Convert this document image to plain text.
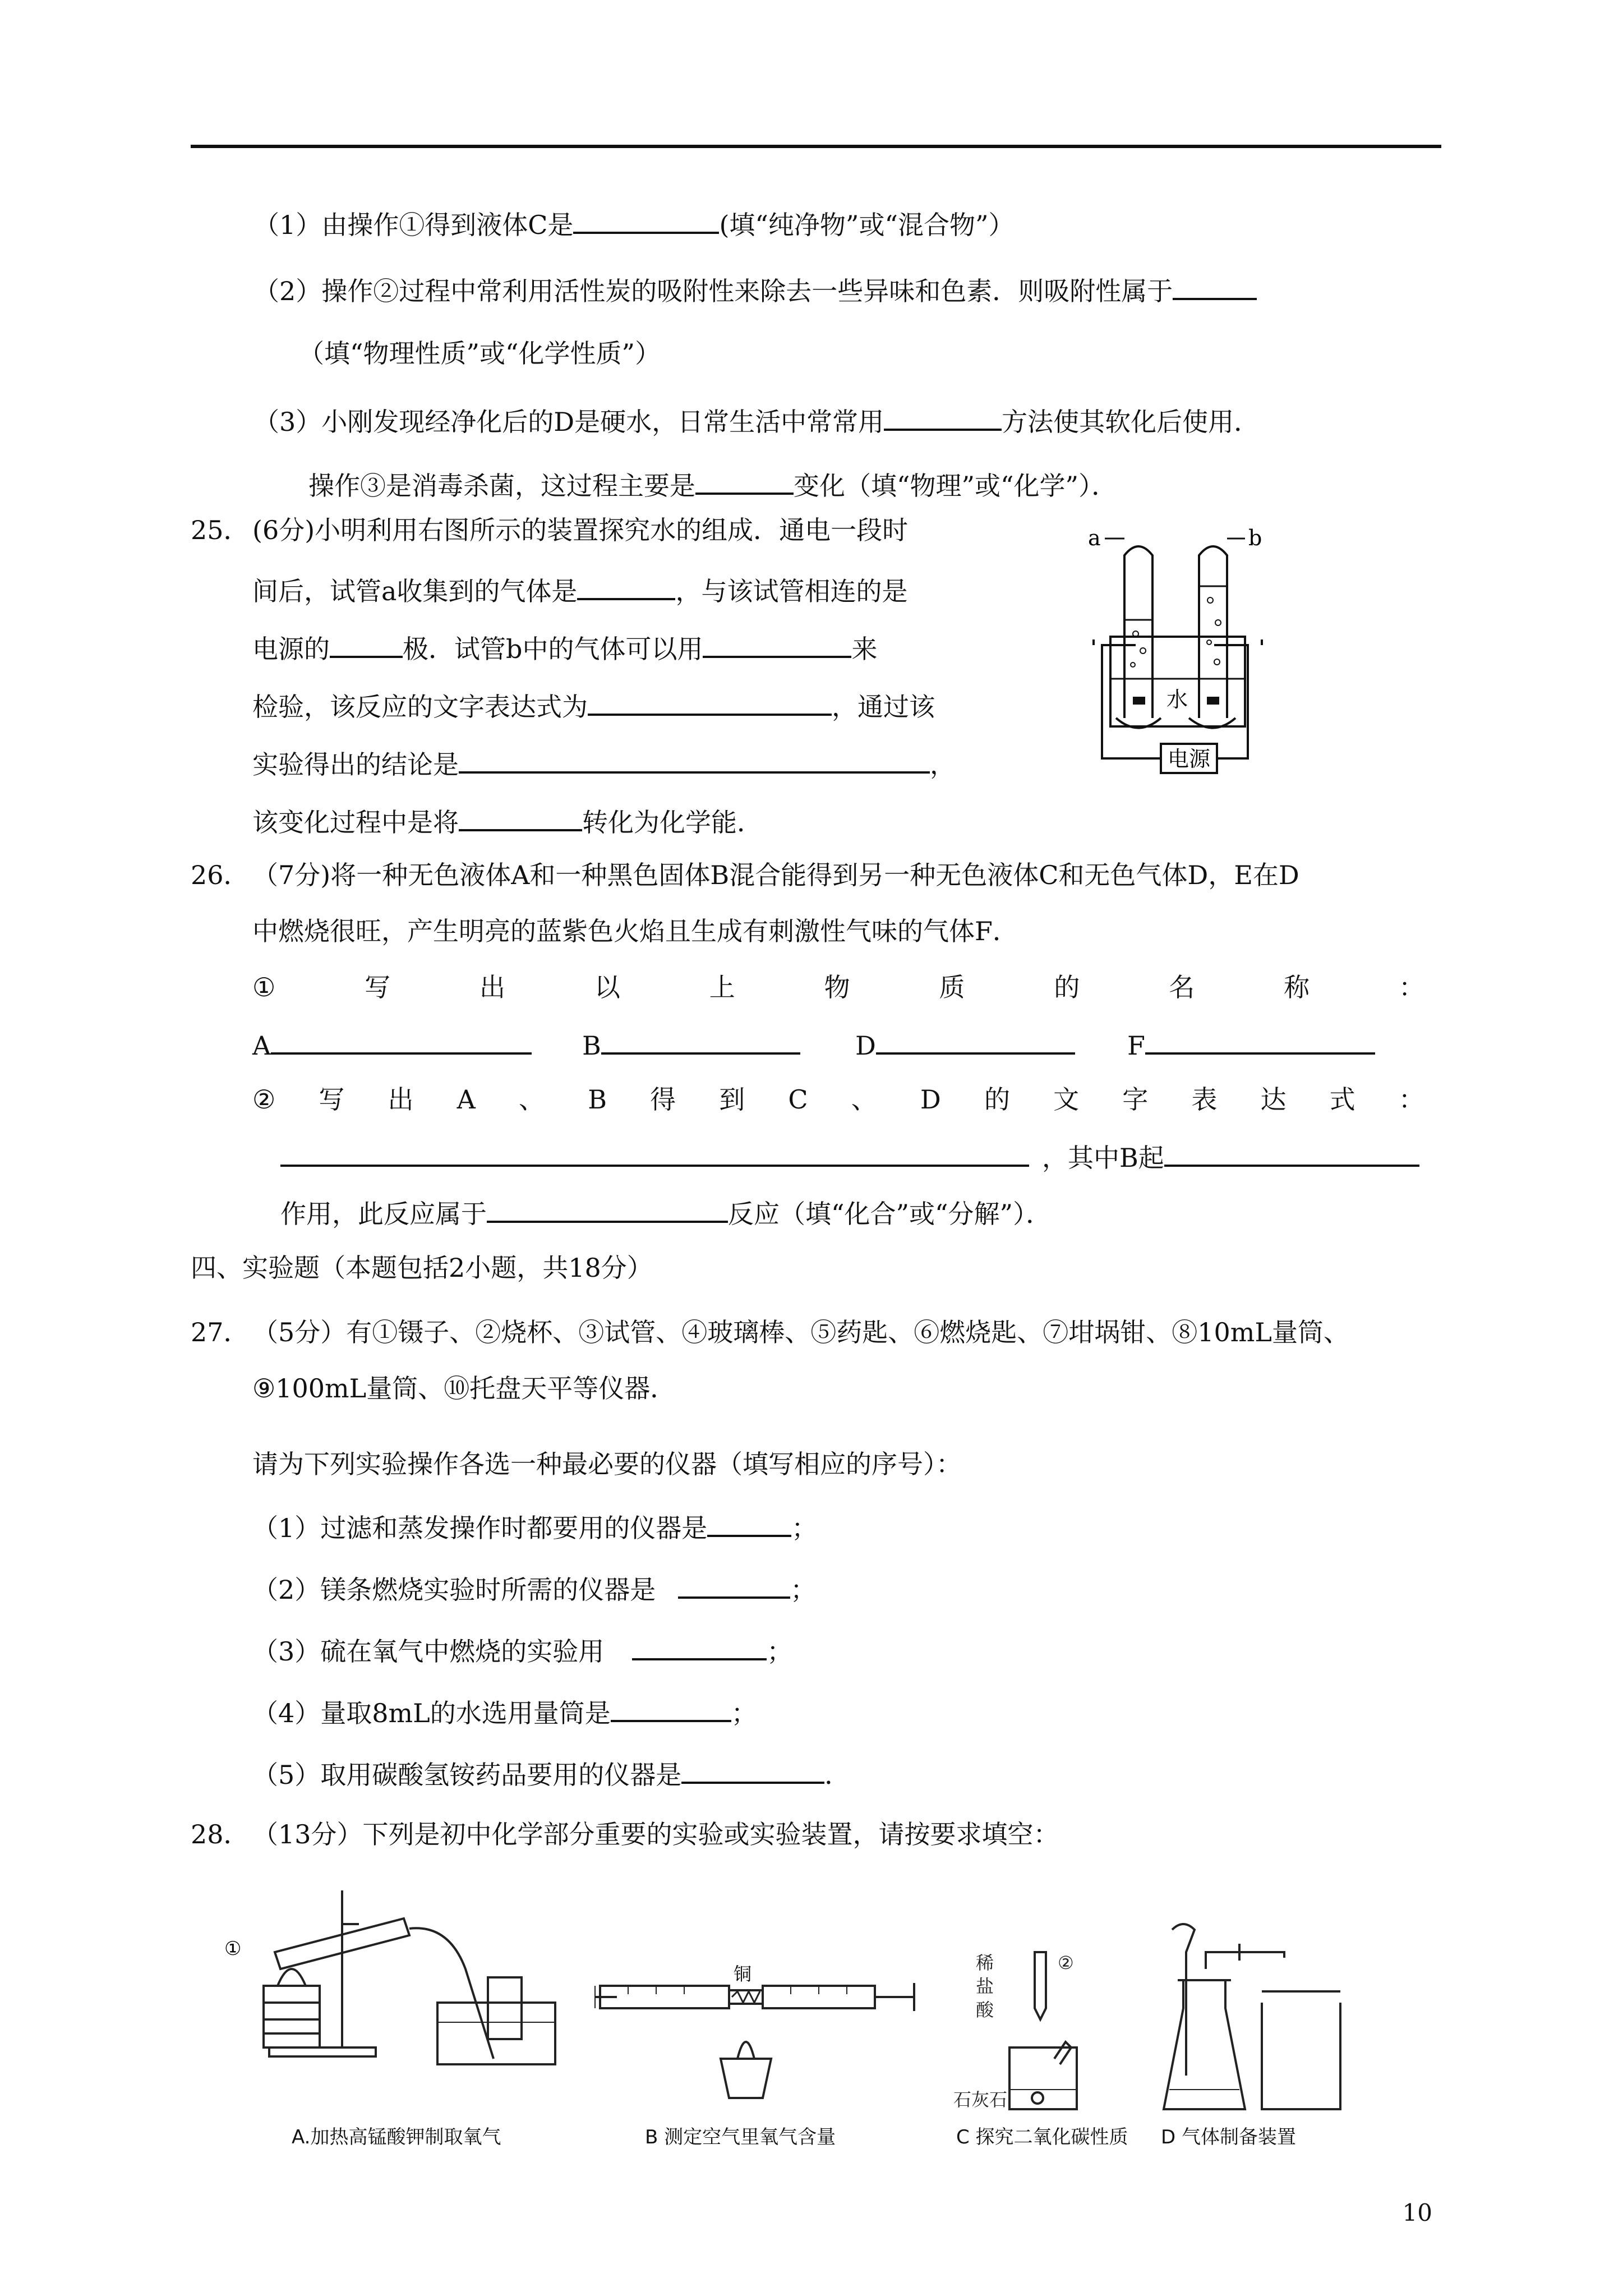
（1）由操作①得到液体C是	(填“纯净物”或“混合物”）
（2）操作②过程中常利用活性炭的吸附性来除去一些异味和色素．则吸附性属于
（填“物理性质”或“化学性质”）
（3）小刚发现经净化后的D是硬水，日常生活中常常用	方法使其软化后使用．
操作③是消毒杀菌，这过程主要是	变化（填“物理”或“化学”）．
25． (6分)小明利用右图所示的装置探究水的组成．通电一段时
间后，试管a收集到的气体是	，与该试管相连的是
电源的	极．试管b中的气体可以用	来
检验，该反应的文字表达式为	，通过该
实验得出的结论是	，
该变化过程中是将	转化为化学能．
a	b
水
电源
26． （7分)将一种无色液体A和一种黑色固体B混合能得到另一种无色液体C和无色气体D，E在D
中燃烧很旺，产生明亮的蓝紫色火焰且生成有刺激性气味的气体F．
①	写	出	以	上	物	质	的	名	称	：
A	B	D	F
② 写 出 A 、 B 得 到 C 、 D 的 文 字 表 达 式 ：
，其中B起
作用，此反应属于	反应（填“化合”或“分解”）．
四、实验题（本题包括2小题，共18分）
27． （5分）有①镊子、②烧杯、③试管、④玻璃棒、⑤药匙、⑥燃烧匙、⑦坩埚钳、⑧10mL量筒、
⑨100mL量筒、⑩托盘天平等仪器．
请为下列实验操作各选一种最必要的仪器（填写相应的序号）：
（1）过滤和蒸发操作时都要用的仪器是	；
（2）镁条燃烧实验时所需的仪器是	；
（3）硫在氧气中燃烧的实验用	；
（4）量取8mL的水选用量筒是	；
（5）取用碳酸氢铵药品要用的仪器是	．
28． （13分）下列是初中化学部分重要的实验或实验装置，请按要求填空：
①
A.加热高锰酸钾制取氧气
铜
B 测定空气里氧气含量
②
稀
盐
酸
石灰石
C 探究二氧化碳性质 D 气体制备装置
10
